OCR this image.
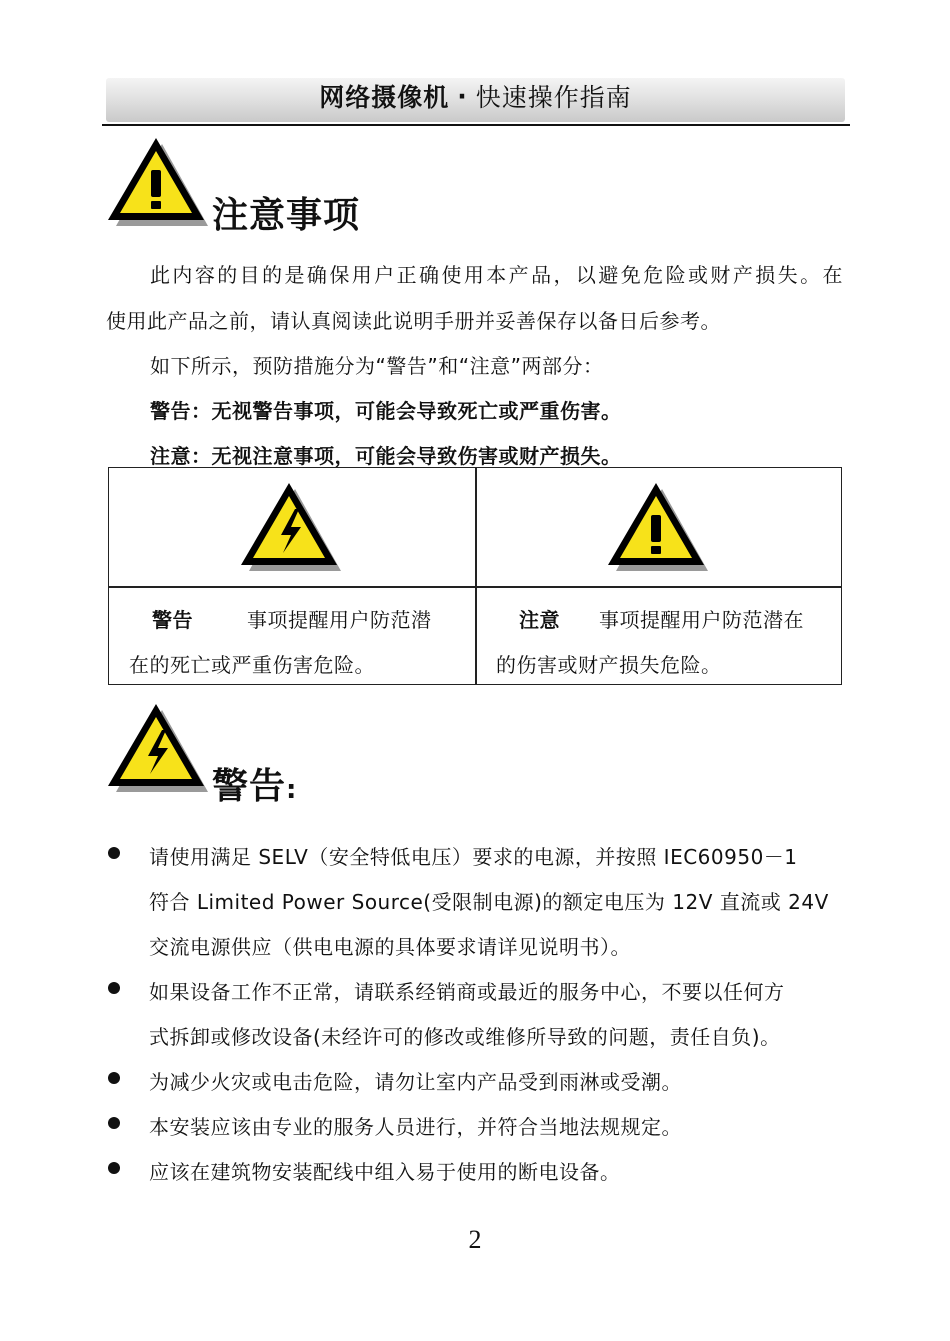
网络摄像机 · 快速操作指南
注意事项
此内容的目的是确保用户正确使用本产品，以避免危险或财产损失。在
使用此产品之前，请认真阅读此说明手册并妥善保存以备日后参考。
如下所示，预防措施分为“警告”和“注意”两部分：
警告：无视警告事项，可能会导致死亡或严重伤害。
注意：无视注意事项，可能会导致伤害或财产损失。
警告	事项提醒用户防范潜
在的死亡或严重伤害危险。
注意 事项提醒用户防范潜在
的伤害或财产损失危险。
警告:
请使用满足 SELV（安全特低电压）要求的电源，并按照 IEC60950－1
符合 Limited Power Source(受限制电源)的额定电压为 12V 直流或 24V
交流电源供应（供电电源的具体要求请详见说明书）。
如果设备工作不正常，请联系经销商或最近的服务中心，不要以任何方
式拆卸或修改设备(未经许可的修改或维修所导致的问题，责任自负)。
为减少火灾或电击危险，请勿让室内产品受到雨淋或受潮。
本安装应该由专业的服务人员进行，并符合当地法规规定。
应该在建筑物安装配线中组入易于使用的断电设备。
2
